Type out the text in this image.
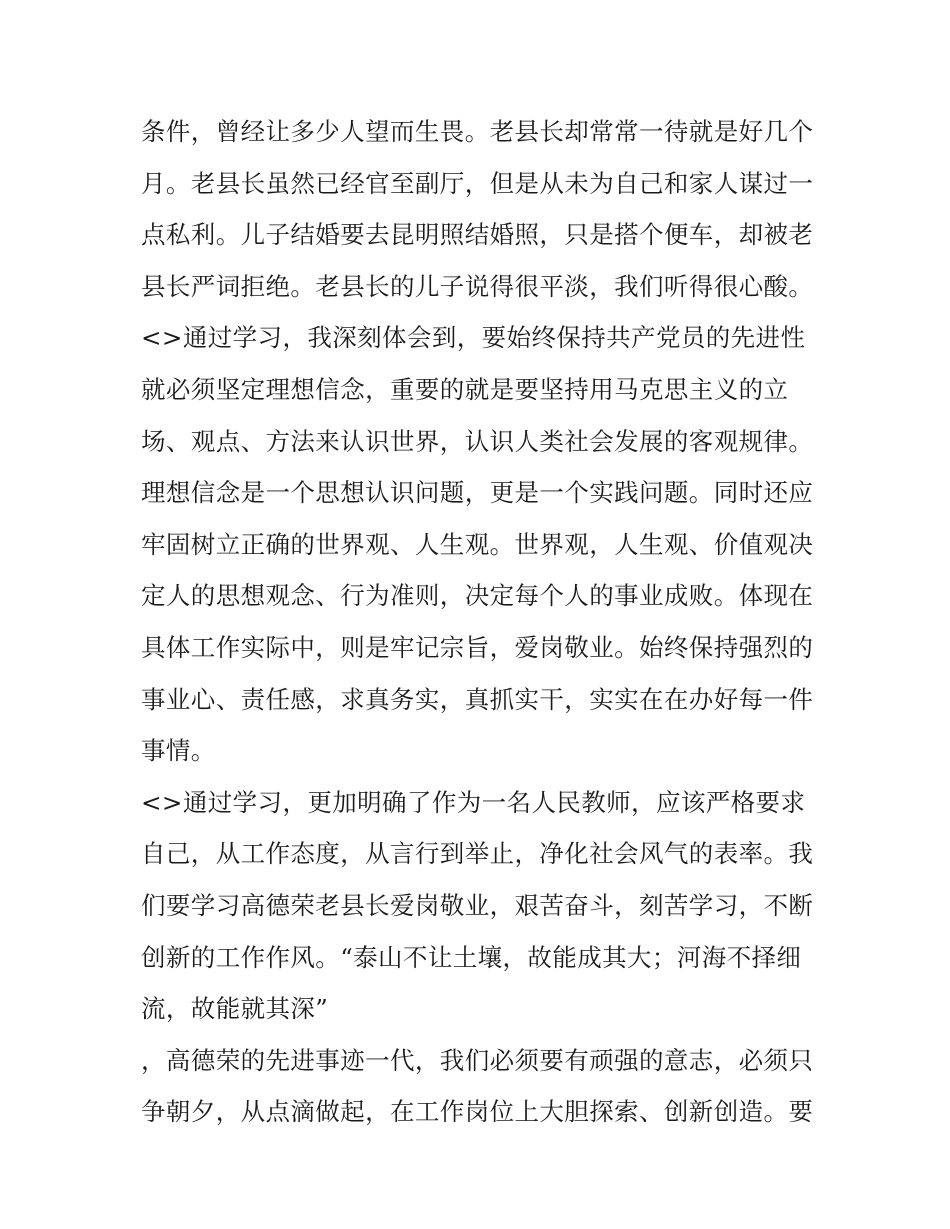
条件，曾经让多少人望而生畏。老县长却常常一待就是好几个
月。老县长虽然已经官至副厅，但是从未为自己和家人谋过一
点私利。儿子结婚要去昆明照结婚照，只是搭个便车，却被老
县长严词拒绝。老县长的儿子说得很平淡，我们听得很心酸。
<>通过学习，我深刻体会到，要始终保持共产党员的先进性
就必须坚定理想信念，重要的就是要坚持用马克思主义的立
场、观点、方法来认识世界，认识人类社会发展的客观规律。
理想信念是一个思想认识问题，更是一个实践问题。同时还应
牢固树立正确的世界观、人生观。世界观，人生观、价值观决
定人的思想观念、行为准则，决定每个人的事业成败。体现在
具体工作实际中，则是牢记宗旨，爱岗敬业。始终保持强烈的
事业心、责任感，求真务实，真抓实干，实实在在办好每一件
事情。
<>通过学习，更加明确了作为一名人民教师，应该严格要求
自己，从工作态度，从言行到举止，净化社会风气的表率。我
们要学习高德荣老县长爱岗敬业，艰苦奋斗，刻苦学习，不断
创新的工作作风。“泰山不让土壤，故能成其大；河海不择细
流，故能就其深”
，高德荣的先进事迹一代，我们必须要有顽强的意志，必须只
争朝夕，从点滴做起，在工作岗位上大胆探索、创新创造。要
